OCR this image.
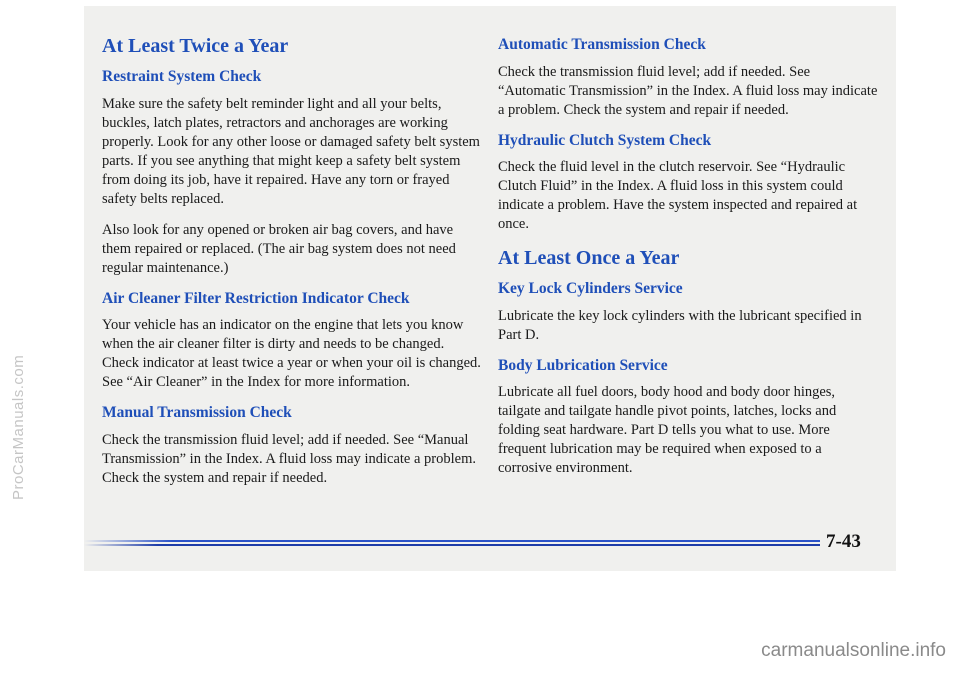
At Least Twice a Year
Restraint System Check

Make sure the safety belt reminder light and all your belts, buckles, latch plates, retractors and anchorages are working properly. Look for any other loose or damaged safety belt system parts. If you see anything that might keep a safety belt system from doing its job, have it repaired. Have any torn or frayed safety belts replaced.

Also look for any opened or broken air bag covers, and have them repaired or replaced. (The air bag system does not need regular maintenance.)

Air Cleaner Filter Restriction Indicator Check

Your vehicle has an indicator on the engine that lets you know when the air cleaner filter is dirty and needs to be changed. Check indicator at least twice a year or when your oil is changed. See “Air Cleaner” in the Index for more information.

Manual Transmission Check

Check the transmission fluid level; add if needed. See “Manual Transmission” in the Index. A fluid loss may indicate a problem. Check the system and repair if needed.

Automatic Transmission Check

Check the transmission fluid level; add if needed. See “Automatic Transmission” in the Index. A fluid loss may indicate a problem. Check the system and repair if needed.

Hydraulic Clutch System Check

Check the fluid level in the clutch reservoir. See “Hydraulic Clutch Fluid” in the Index. A fluid loss in this system could indicate a problem. Have the system inspected and repaired at once.

At Least Once a Year
Key Lock Cylinders Service

Lubricate the key lock cylinders with the lubricant specified in Part D.

Body Lubrication Service

Lubricate all fuel doors, body hood and body door hinges, tailgate and tailgate handle pivot points, latches, locks and folding seat hardware. Part D tells you what to use. More frequent lubrication may be required when exposed to a corrosive environment.

7-43
ProCarManuals.com
carmanualsonline.info
